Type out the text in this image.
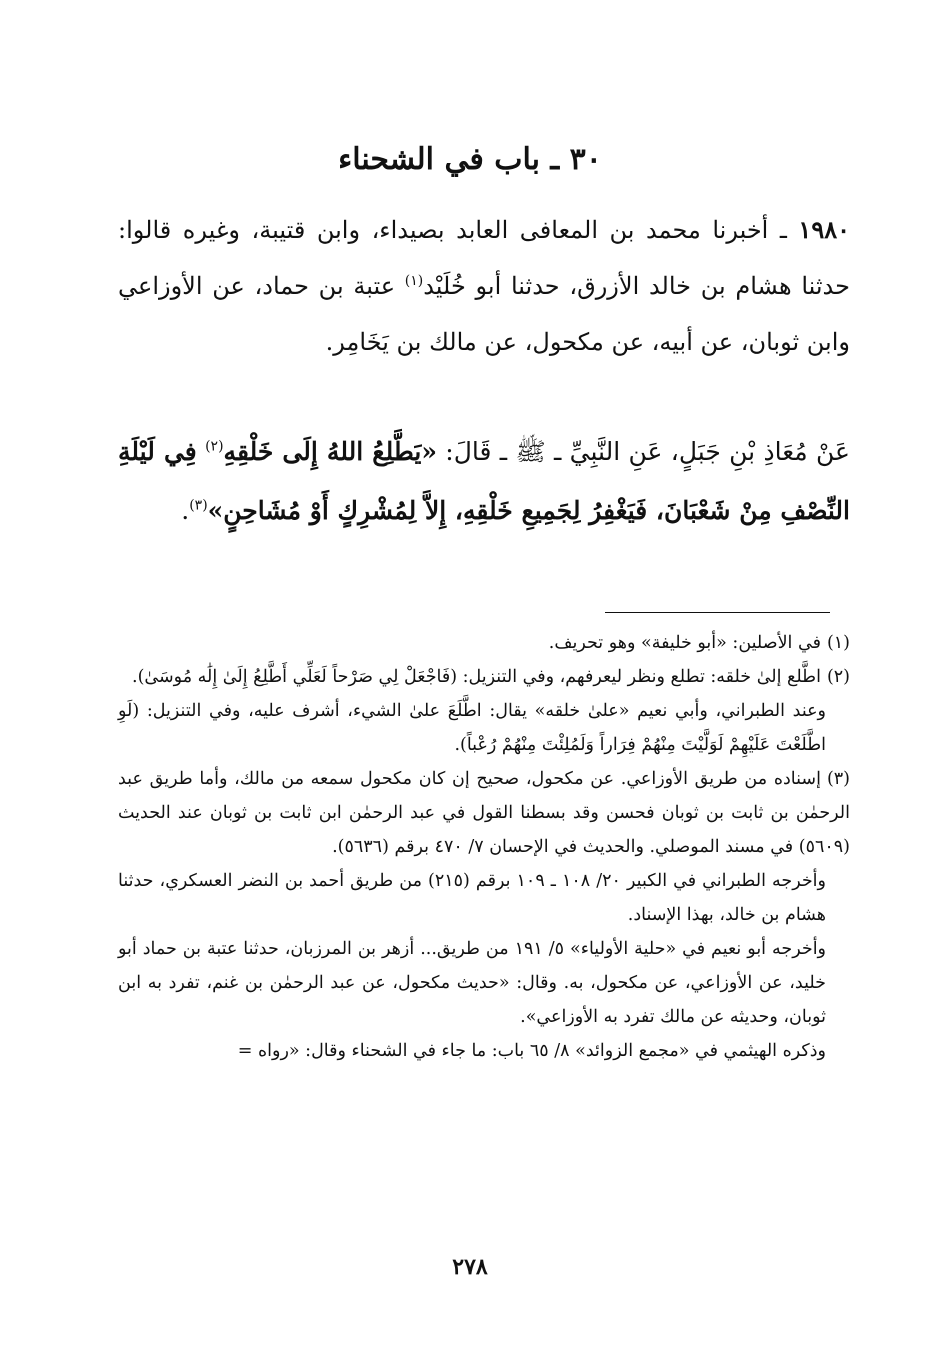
٣٠ ـ باب في الشحناء

١٩٨٠ ـ أخبرنا محمد بن المعافى العابد بصيداء، وابن قتيبة، وغيره قالوا: حدثنا هشام بن خالد الأزرق، حدثنا أبو خُلَيْد$^{(١)}$ عتبة بن حماد، عن الأوزاعي وابن ثوبان، عن أبيه، عن مكحول، عن مالك بن يَخَامِر.

عَنْ مُعَاذِ بْنِ جَبَلٍ، عَنِ النَّبِيِّ ـ ﷺ ـ قَالَ: «يَطَّلِعُ اللهُ إِلَى خَلْقِهِ$^{(٢)}$ فِي لَيْلَةِ النِّصْفِ مِنْ شَعْبَانَ، فَيَغْفِرُ لِجَمِيعِ خَلْقِهِ، إِلاَّ لِمُشْرِكٍ أَوْ مُشَاحِنٍ»$^{(٣)}$.

(١)في الأصلين: «أبو خليفة» وهو تحريف.

(٢)اطَّلع إلىٰ خلقه: تطلع ونظر ليعرفهم، وفي التنزيل: (فَاجْعَلْ لِي صَرْحاً لَعَلِّي أَطَّلِعُ إِلَىٰ إِلَٰه مُوسَىٰ).

وعند الطبراني، وأبي نعيم «علىٰ خلقه» يقال: اطَّلَعَ علىٰ الشيء، أشرف عليه، وفي التنزيل: (لَوِ اطَّلَعْتَ عَلَيْهِمْ لَوَلَّيْتَ مِنْهُمْ فِرَاراً وَلَمُلِئْتَ مِنْهُمْ رُعْباً).

(٣)إسناده من طريق الأوزاعي. عن مكحول، صحيح إن كان مكحول سمعه من مالك، وأما طريق عبد الرحمٰن بن ثابت بن ثوبان فحسن وقد بسطنا القول في عبد الرحمٰن ابن ثابت بن ثوبان عند الحديث (٥٦٠٩) في مسند الموصلي. والحديث في الإحسان ٧/ ٤٧٠ برقم (٥٦٣٦).

وأخرجه الطبراني في الكبير ٢٠/ ١٠٨ ـ ١٠٩ برقم (٢١٥) من طريق أحمد بن النضر العسكري، حدثنا هشام بن خالد، بهذا الإسناد.

وأخرجه أبو نعيم في «حلية الأولياء» ٥/ ١٩١ من طريق... أزهر بن المرزبان، حدثنا عتبة بن حماد أبو خليد، عن الأوزاعي، عن مكحول، به. وقال: «حديث مكحول، عن عبد الرحمٰن بن غنم، تفرد به ابن ثوبان، وحديثه عن مالك تفرد به الأوزاعي».

وذكره الهيثمي في «مجمع الزوائد» ٨/ ٦٥ باب: ما جاء في الشحناء وقال: «رواه =

٢٧٨
